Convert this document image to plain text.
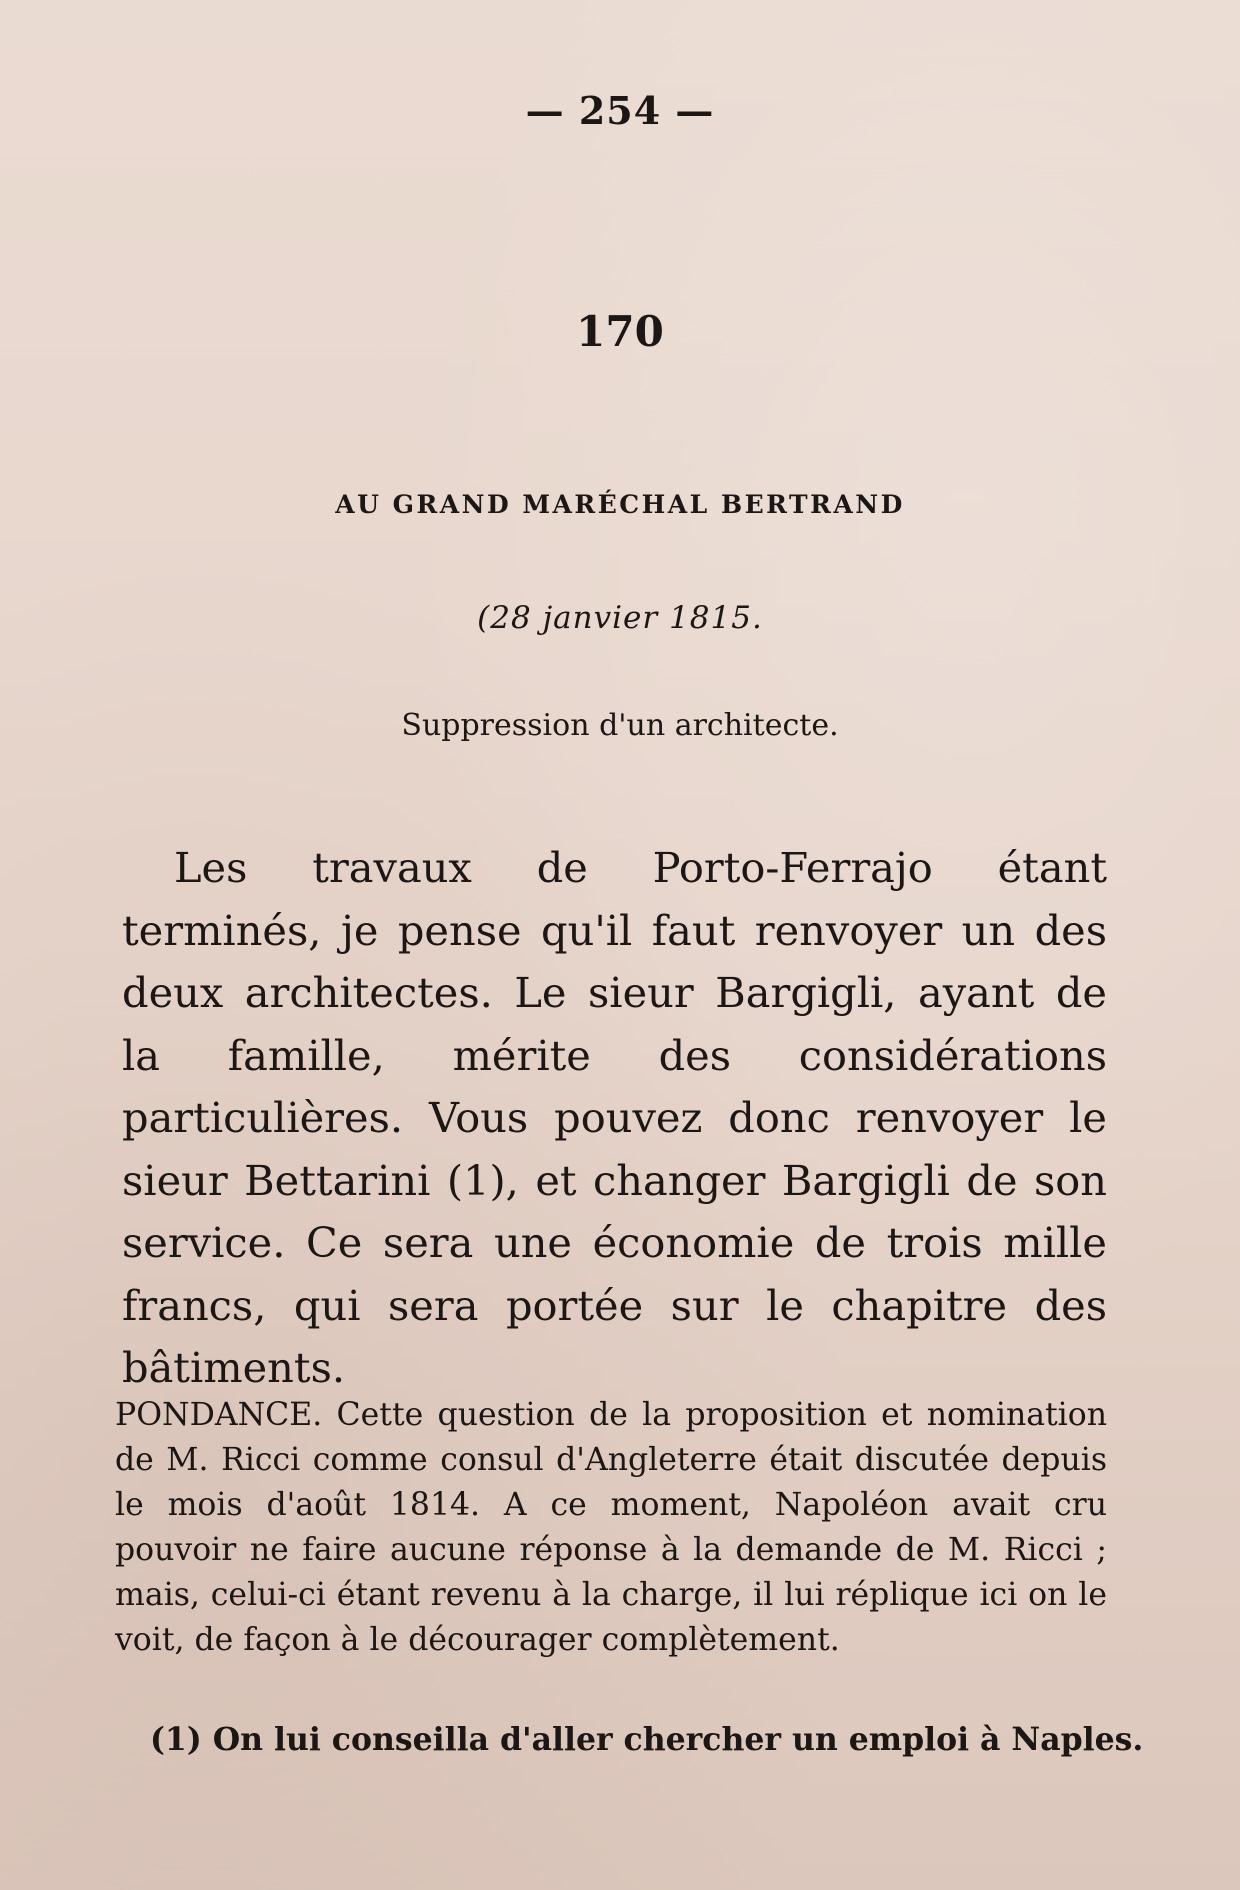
— 254 —
170
AU GRAND MARÉCHAL BERTRAND
(28 janvier 1815.
Suppression d'un architecte.

Les travaux de Porto-Ferrajo étant terminés, je pense qu'il faut renvoyer un des deux architectes. Le sieur Bargigli, ayant de la famille, mérite des considérations particulières. Vous pouvez donc renvoyer le sieur Bettarini (1), et changer Bargigli de son service. Ce sera une économie de trois mille francs, qui sera portée sur le chapitre des bâtiments.

PONDANCE. Cette question de la proposition et nomination de M. Ricci comme consul d'Angleterre était discutée depuis le mois d'août 1814. A ce moment, Napoléon avait cru pouvoir ne faire aucune réponse à la demande de M. Ricci ; mais, celui-ci étant revenu à la charge, il lui réplique ici on le voit, de façon à le décourager complètement.

(1) On lui conseilla d'aller chercher un emploi à Naples.
